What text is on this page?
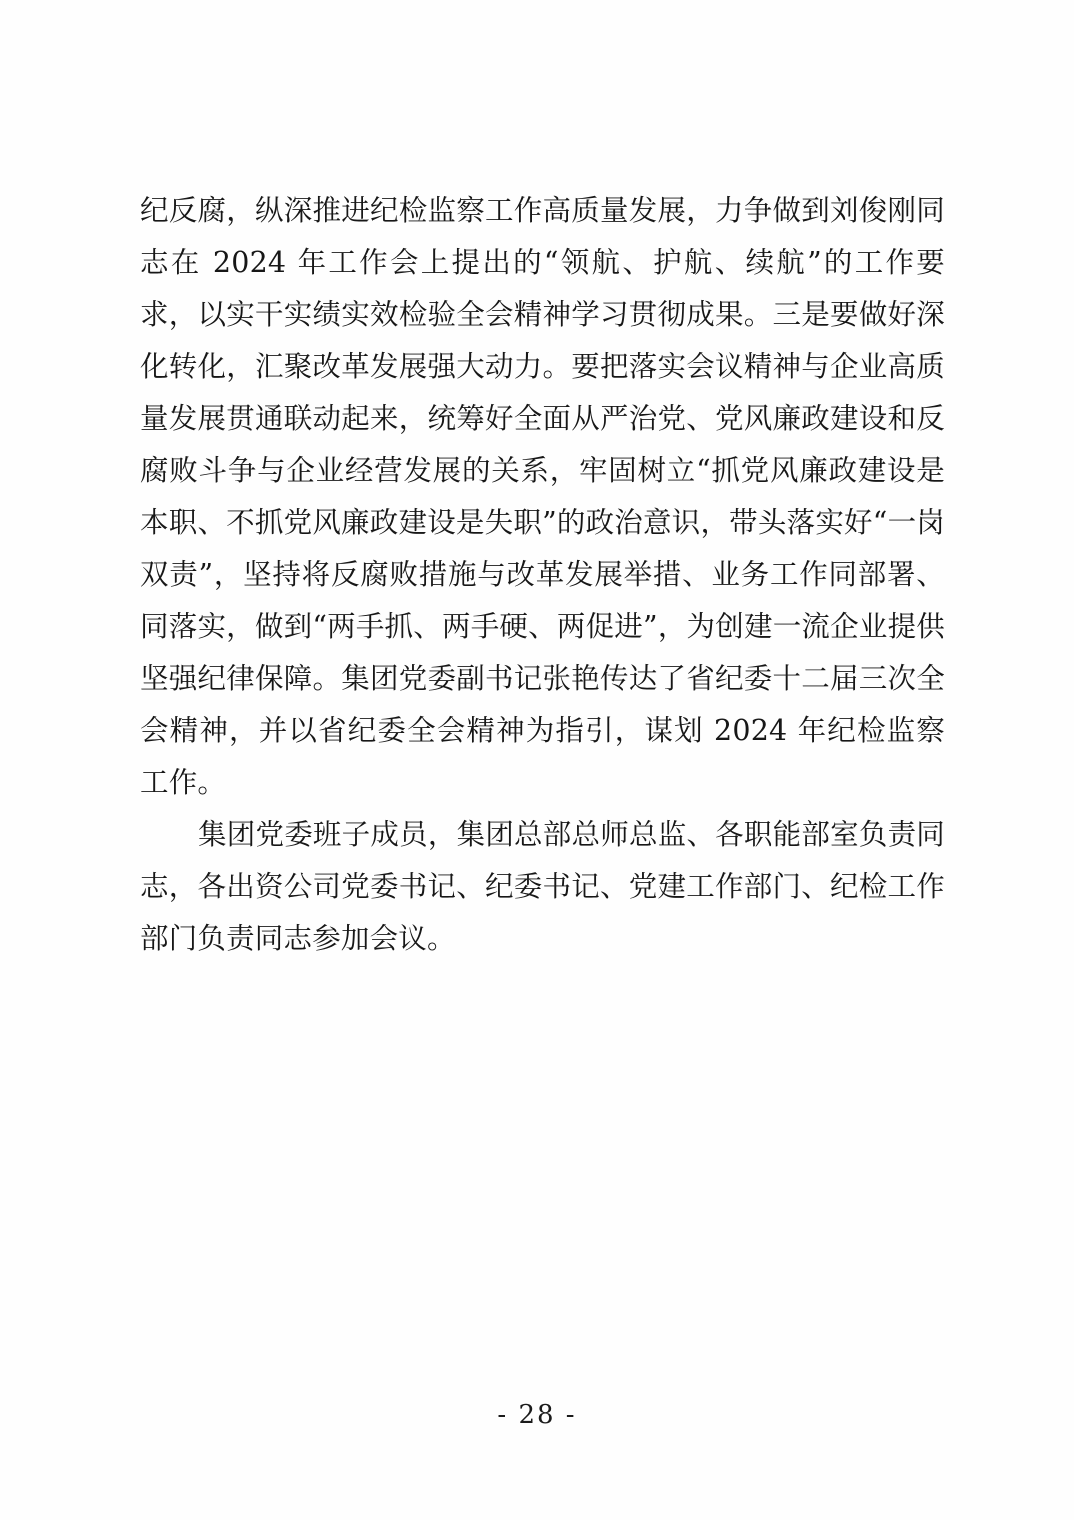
纪反腐，纵深推进纪检监察工作高质量发展，力争做到刘俊刚同志在 2024 年工作会上提出的“领航、护航、续航”的工作要求，以实干实绩实效检验全会精神学习贯彻成果。三是要做好深化转化，汇聚改革发展强大动力。要把落实会议精神与企业高质量发展贯通联动起来，统筹好全面从严治党、党风廉政建设和反腐败斗争与企业经营发展的关系，牢固树立“抓党风廉政建设是本职、不抓党风廉政建设是失职”的政治意识，带头落实好“一岗双责”，坚持将反腐败措施与改革发展举措、业务工作同部署、同落实，做到“两手抓、两手硬、两促进”，为创建一流企业提供坚强纪律保障。集团党委副书记张艳传达了省纪委十二届三次全会精神，并以省纪委全会精神为指引，谋划 2024 年纪检监察工作。

集团党委班子成员，集团总部总师总监、各职能部室负责同志，各出资公司党委书记、纪委书记、党建工作部门、纪检工作部门负责同志参加会议。

- 28 -
